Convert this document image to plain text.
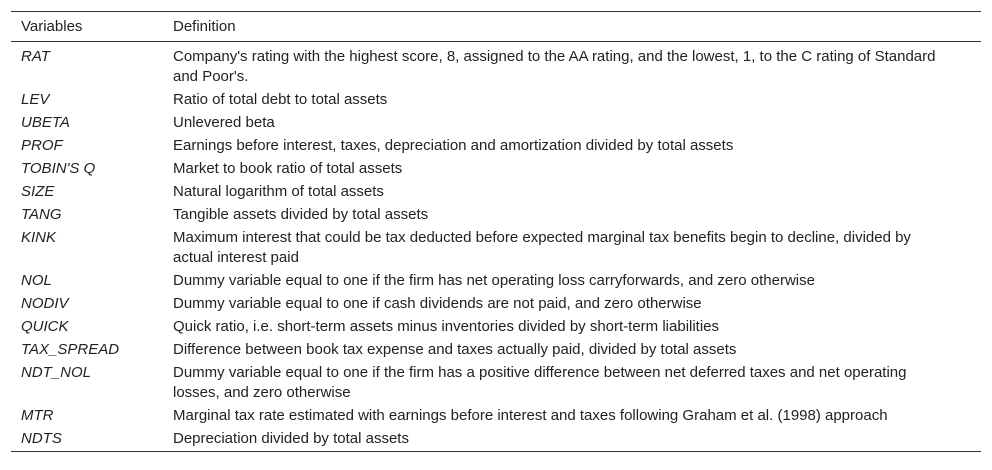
Variables	Definition
RAT	Company's rating with the highest score, 8, assigned to the AA rating, and the lowest, 1, to the C rating of Standard and Poor's.
LEV	Ratio of total debt to total assets
UBETA	Unlevered beta
PROF	Earnings before interest, taxes, depreciation and amortization divided by total assets
TOBIN'S Q	Market to book ratio of total assets
SIZE	Natural logarithm of total assets
TANG	Tangible assets divided by total assets
KINK	Maximum interest that could be tax deducted before expected marginal tax benefits begin to decline, divided by actual interest paid
NOL	Dummy variable equal to one if the firm has net operating loss carryforwards, and zero otherwise
NODIV	Dummy variable equal to one if cash dividends are not paid, and zero otherwise
QUICK	Quick ratio, i.e. short-term assets minus inventories divided by short-term liabilities
TAX_SPREAD	Difference between book tax expense and taxes actually paid, divided by total assets
NDT_NOL	Dummy variable equal to one if the firm has a positive difference between net deferred taxes and net operating losses, and zero otherwise
MTR	Marginal tax rate estimated with earnings before interest and taxes following Graham et al. (1998) approach
NDTS	Depreciation divided by total assets
